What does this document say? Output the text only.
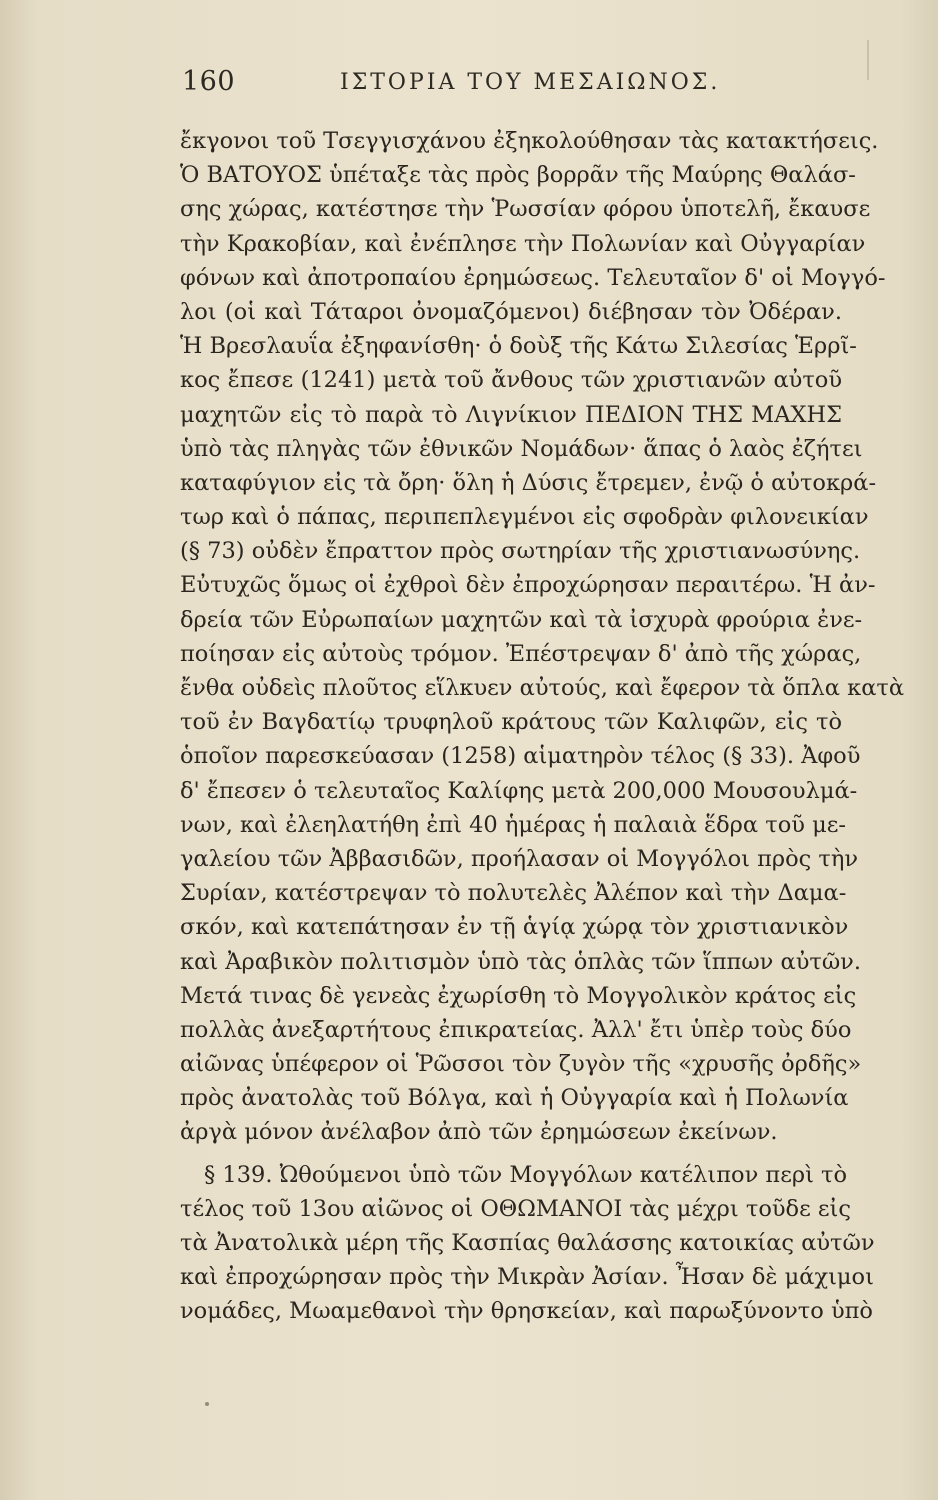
160	ΙΣΤΟΡΙΑ ΤΟΥ ΜΕΣΑΙΩΝΟΣ.
ἔκγονοι τοῦ Τσεγγισχάνου ἐξηκολούθησαν τὰς κατακτήσεις.
Ὁ ΒΑΤΟΥΟΣ ὑπέταξε τὰς πρὸς βορρᾶν τῆς Μαύρης Θαλάσ-
σης χώρας, κατέστησε τὴν Ῥωσσίαν φόρου ὑποτελῆ, ἔκαυσε
τὴν Κρακοβίαν, καὶ ἐνέπλησε τὴν Πολωνίαν καὶ Οὐγγαρίαν
φόνων καὶ ἀποτροπαίου ἐρημώσεως. Τελευταῖον δ' οἱ Μογγό-
λοι (οἱ καὶ Τάταροι ὀνομαζόμενοι) διέβησαν τὸν Ὀδέραν.
Ἡ Βρεσλαυΐα ἐξηφανίσθη· ὁ δοὺξ τῆς Κάτω Σιλεσίας Ἑρρῖ-
κος ἔπεσε (1241) μετὰ τοῦ ἄνθους τῶν χριστιανῶν αὐτοῦ
μαχητῶν εἰς τὸ παρὰ τὸ Λιγνίκιον ΠΕΔΙΟΝ ΤΗΣ ΜΑΧΗΣ
ὑπὸ τὰς πληγὰς τῶν ἐθνικῶν Νομάδων· ἅπας ὁ λαὸς ἐζήτει
καταφύγιον εἰς τὰ ὄρη· ὅλη ἡ Δύσις ἔτρεμεν, ἐνῷ ὁ αὐτοκρά-
τωρ καὶ ὁ πάπας, περιπεπλεγμένοι εἰς σφοδρὰν φιλονεικίαν
(§ 73) οὐδὲν ἔπραττον πρὸς σωτηρίαν τῆς χριστιανωσύνης.
Εὐτυχῶς ὅμως οἱ ἐχθροὶ δὲν ἐπροχώρησαν περαιτέρω. Ἡ ἀν-
δρεία τῶν Εὐρωπαίων μαχητῶν καὶ τὰ ἰσχυρὰ φρούρια ἐνε-
ποίησαν εἰς αὐτοὺς τρόμον. Ἐπέστρεψαν δ' ἀπὸ τῆς χώρας,
ἔνθα οὐδεὶς πλοῦτος εἵλκυεν αὐτούς, καὶ ἔφερον τὰ ὅπλα κατὰ
τοῦ ἐν Βαγδατίῳ τρυφηλοῦ κράτους τῶν Καλιφῶν, εἰς τὸ
ὁποῖον παρεσκεύασαν (1258) αἱματηρὸν τέλος (§ 33). Ἀφοῦ
δ' ἔπεσεν ὁ τελευταῖος Καλίφης μετὰ 200,000 Μουσουλμά-
νων, καὶ ἐλεηλατήθη ἐπὶ 40 ἡμέρας ἡ παλαιὰ ἕδρα τοῦ με-
γαλείου τῶν Ἀββασιδῶν, προήλασαν οἱ Μογγόλοι πρὸς τὴν
Συρίαν, κατέστρεψαν τὸ πολυτελὲς Ἀλέπον καὶ τὴν Δαμα-
σκόν, καὶ κατεπάτησαν ἐν τῇ ἁγίᾳ χώρᾳ τὸν χριστιανικὸν
καὶ Ἀραβικὸν πολιτισμὸν ὑπὸ τὰς ὁπλὰς τῶν ἵππων αὐτῶν.
Μετά τινας δὲ γενεὰς ἐχωρίσθη τὸ Μογγολικὸν κράτος εἰς
πολλὰς ἀνεξαρτήτους ἐπικρατείας. Ἀλλ' ἔτι ὑπὲρ τοὺς δύο
αἰῶνας ὑπέφερον οἱ Ῥῶσσοι τὸν ζυγὸν τῆς «χρυσῆς ὀρδῆς»
πρὸς ἀνατολὰς τοῦ Βόλγα, καὶ ἡ Οὐγγαρία καὶ ἡ Πολωνία
ἀργὰ μόνον ἀνέλαβον ἀπὸ τῶν ἐρημώσεων ἐκείνων.
§ 139. Ὠθούμενοι ὑπὸ τῶν Μογγόλων κατέλιπον περὶ τὸ
τέλος τοῦ 13ου αἰῶνος οἱ ΟΘΩΜΑΝΟΙ τὰς μέχρι τοῦδε εἰς
τὰ Ἀνατολικὰ μέρη τῆς Κασπίας θαλάσσης κατοικίας αὐτῶν
καὶ ἐπροχώρησαν πρὸς τὴν Μικρὰν Ἀσίαν. Ἦσαν δὲ μάχιμοι
νομάδες, Μωαμεθανοὶ τὴν θρησκείαν, καὶ παρωξύνοντο ὑπὸ
